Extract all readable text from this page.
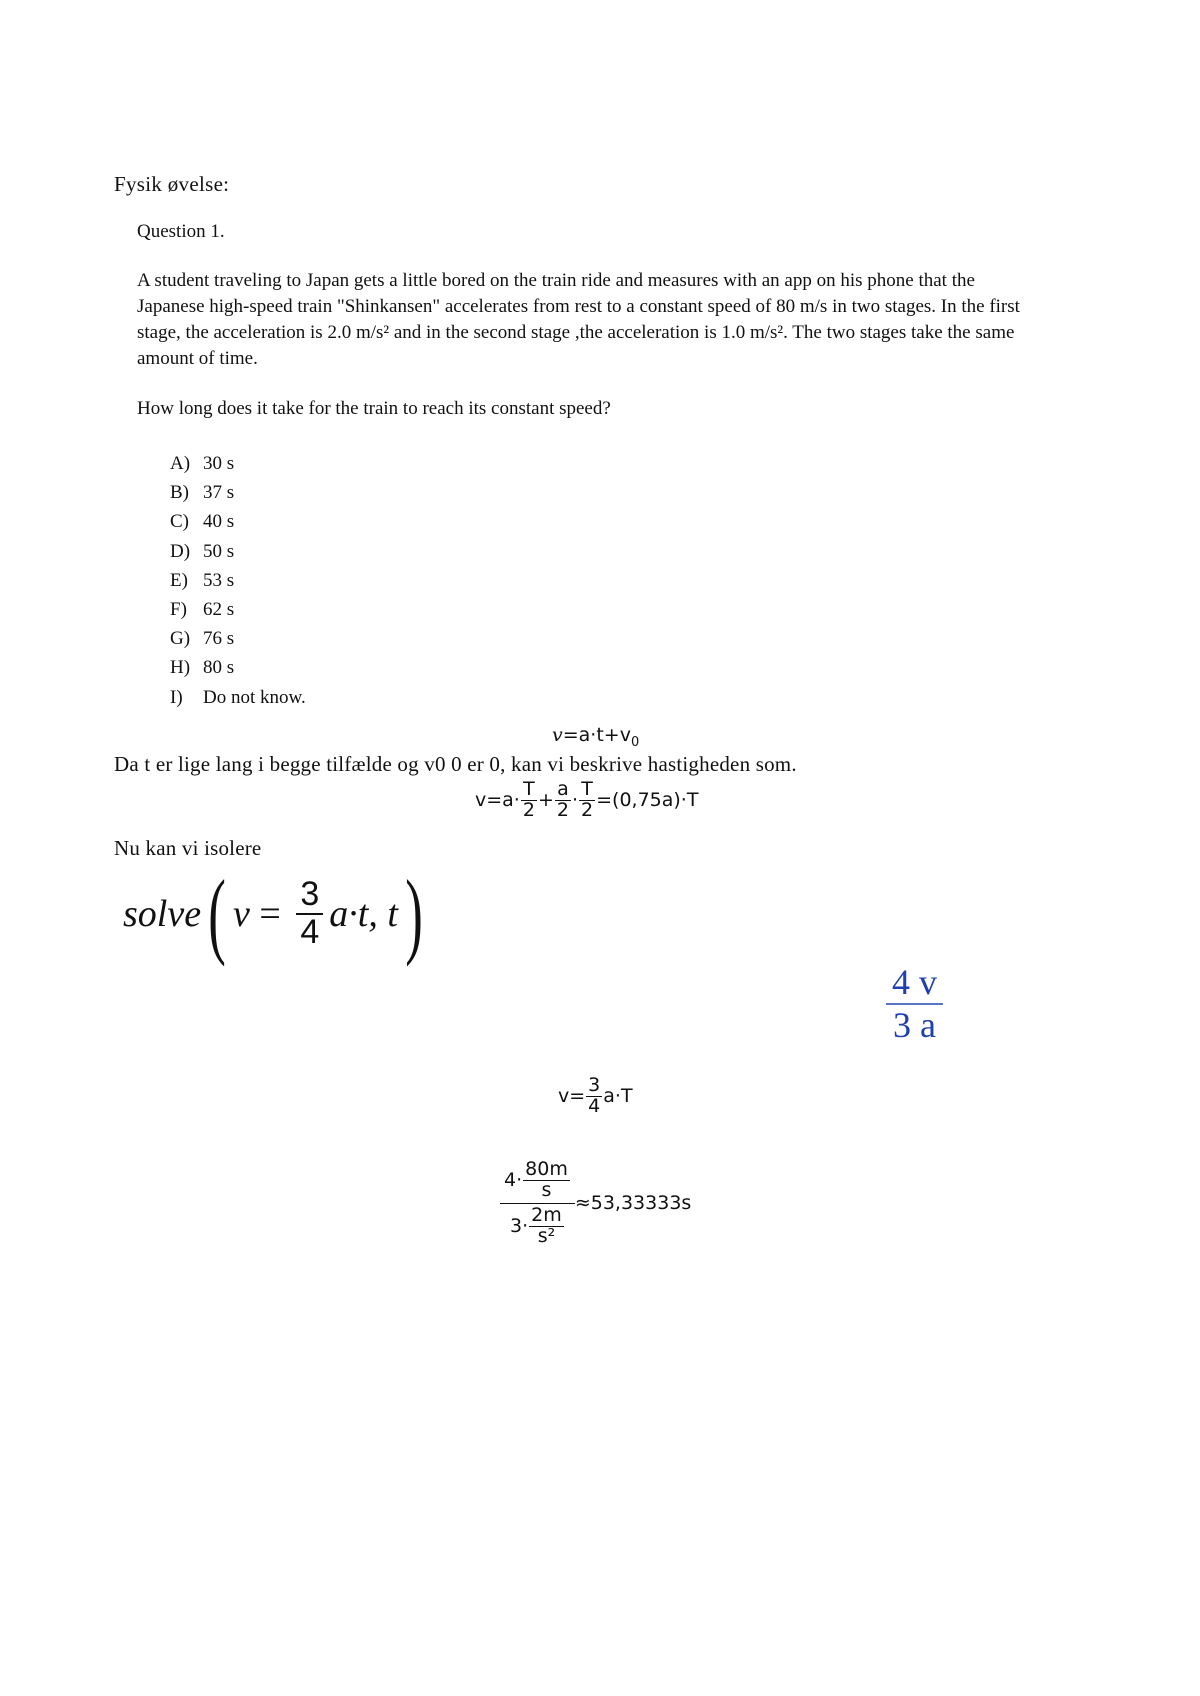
Fysik øvelse:
Question 1.
A student traveling to Japan gets a little bored on the train ride and measures with an app on his phone that the Japanese high-speed train "Shinkansen" accelerates from rest to a constant speed of 80 m/s in two stages. In the first stage, the acceleration is 2.0 m/s² and in the second stage ,the acceleration is 1.0 m/s². The two stages take the same amount of time.
How long does it take for the train to reach its constant speed?
A) 30 s
B) 37 s
C) 40 s
D) 50 s
E) 53 s
F) 62 s
G) 76 s
H) 80 s
I) Do not know.
$v=a\cdot t+v_0$
Da t er lige lang i begge tilfælde og v0 0 er 0, kan vi beskrive hastigheden som.
$v=a\cdot \frac{T}{2} + \frac{a}{2} \cdot \frac{T}{2} =(0,75a)\cdot T$
Nu kan vi isolere
solve ( $v = \frac{3}{4} a\cdot t$, t )
$\frac{4 v}{3 a}$
$v= \frac{3}{4} a\cdot T$
$\frac{4\cdot \frac{80m}{s}}{3\cdot \frac{2m}{\text{s²}}} \approx 53,33333s$
